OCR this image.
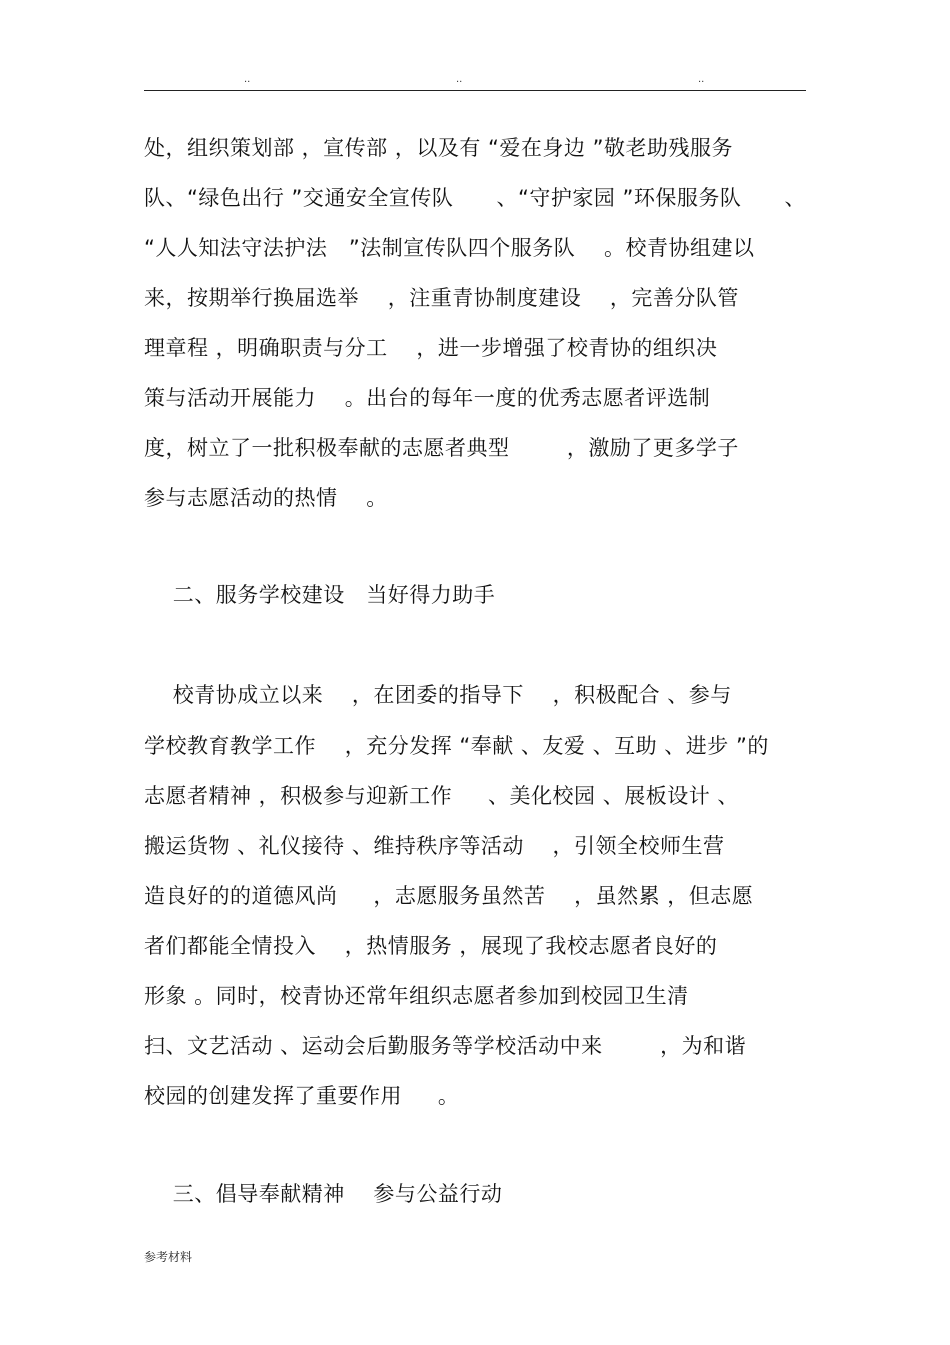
..	..	..
处，组织策划部 ，宣传部 ，以及有 “爱在身边 ”敬老助残服务
队、“绿色出行 ”交通安全宣传队      、“守护家园 ”环保服务队      、
“人人知法守法护法   ”法制宣传队四个服务队    。校青协组建以
来，按期举行换届选举    ，注重青协制度建设    ，完善分队管
理章程 ，明确职责与分工    ，进一步增强了校青协的组织决
策与活动开展能力    。出台的每年一度的优秀志愿者评选制
度，树立了一批积极奉献的志愿者典型        ，激励了更多学子
参与志愿活动的热情    。
二、服务学校建设   当好得力助手
校青协成立以来    ，在团委的指导下    ，积极配合 、参与
学校教育教学工作    ，充分发挥 “奉献 、友爱 、互助 、进步 ”的
志愿者精神 ，积极参与迎新工作     、美化校园 、展板设计 、
搬运货物 、礼仪接待 、维持秩序等活动    ，引领全校师生营
造良好的的道德风尚     ，志愿服务虽然苦    ，虽然累 ，但志愿
者们都能全情投入    ，热情服务 ，展现了我校志愿者良好的
形象 。同时，校青协还常年组织志愿者参加到校园卫生清
扫、文艺活动 、运动会后勤服务等学校活动中来        ，为和谐
校园的创建发挥了重要作用     。
三、倡导奉献精神    参与公益行动
参考材料
